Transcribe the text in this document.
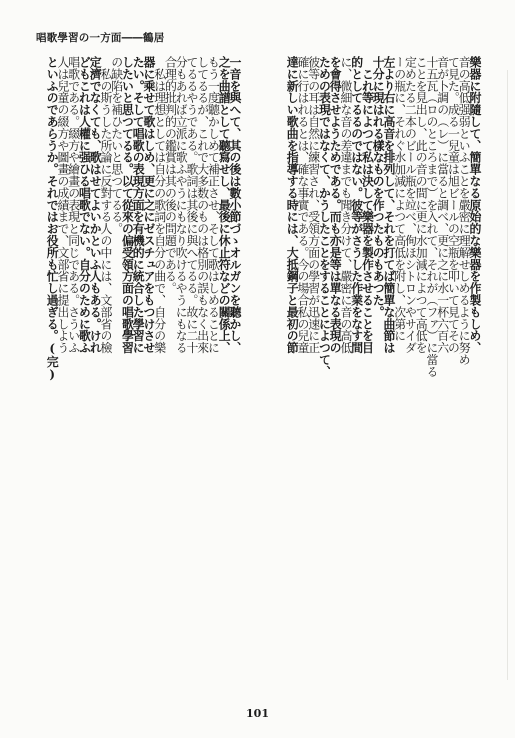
唱歌學習の一方面――鶴居
樂器に附隨して、簡單なる原始的な樂器を作製もしめ、
音の高低强弱といふことを嚴密に理解せしめるように努め
て見た。成る一兒童は旭ビールの空瓶を叩いて見てその
音が卜調の（レ）に當ると調べ、更に之に水一杯六百六
十五瓦（ロのところまで）を入れて、それが（ファ）に當る
ことを見出し、此の音の間に更に水加減によつて高低を
定めたる二本のビール瓶を竝べ、侚ほシトロンやサイダ
ーの瓶に、それぐ水加減によつて高低を附し、次第に
左より右に高音を排列して、それを打てば簡單な曲節は
十分に現はれる樣なものを作つたものもあつた。
　これ等によつて私は決して樂器を製作させることを目
的としてるるのではない。彼等がさうした作業をなす間
に、微細な音の差違までも聞き分けて、嚴密に音の高低
を會得させようためである。而も亦是等は單なる表現の
ための表現ではなくて、かうしたことをすることによつて、
彼等の耳は自然に練習され、受領方面の學習が迅速に正
確に行はれるとは、確な事實である。今の場合私の兒童
達に新しい歌曲を指導する時には、大抵鋼子と最初の節
一音を與へて、其の後は數小節づゝオルガンを聽かし、
之を曲譜として聽寫せし、最後に休止符などの關係上、
もう一度聽かしめて補正させ、そして歌はしめることに
してるるが、これで大多数のものは格別の誤もなく出來
てるるやうである。歌詞は其後に與へてるる。故に二十
分もあれば立派に歌ふやうにもなり吹けるやうにもなる
合理的批判的の鑑賞は其の後の問題である。
　私は理想としては自分の歌詞を自分の曲で、自分の樂
器に乘せて歌はしめ、更に之にゼスチュアをもつけさせ
たい。そして唱歌の表現方面を有機的に統合した學習に
したいと思つてるる。以て從來の偏受領方面の唱歌學習
の缺陷を補ひたいと思つてるる。
　私の斯うした所論に反對する人の中には、文部省の檢
定濟でなくても、歌はせてよいかといふ人もある。けれ
どもこれは人權に强ひる唱歌でない。自分のために歌ふ
唱歌である。綴方や繪畫の表現と同じである。さういふ
人は兒童の綴方や圖畫の成績まで、文部省に提出しよう
といふのであらうか。それではお役所も忙し過ぎる。(完)
101
